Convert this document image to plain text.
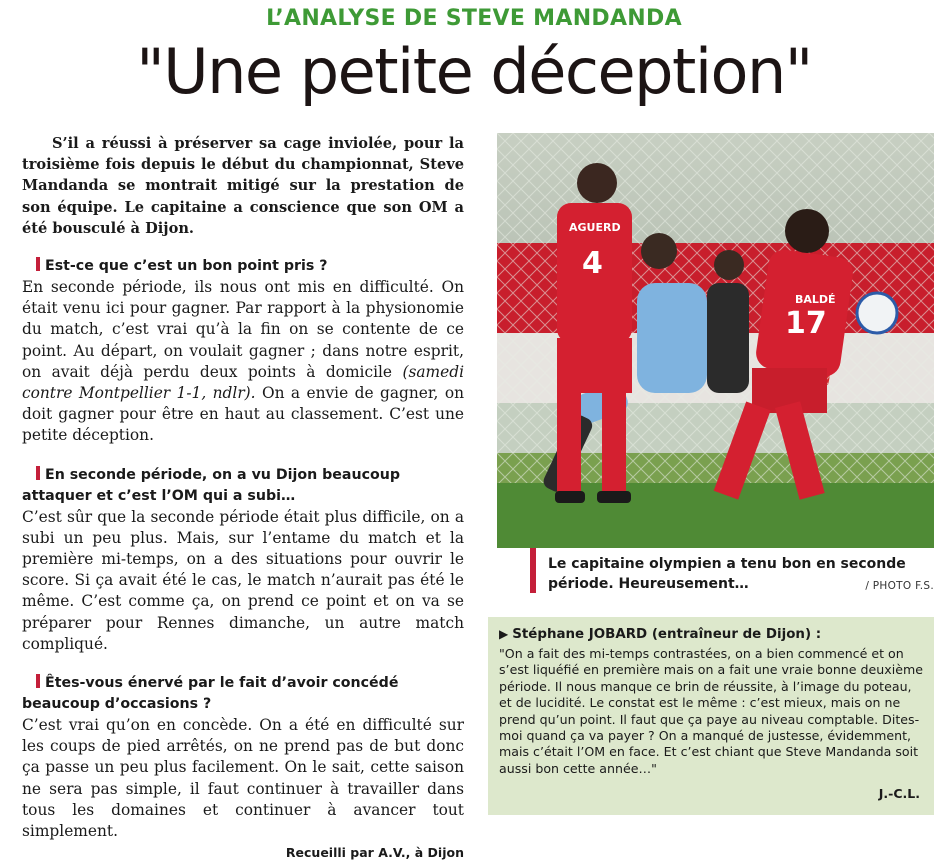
L’ANALYSE DE STEVE MANDANDA
"Une petite déception"

S’il a réussi à préserver sa cage inviolée, pour la troisième fois depuis le début du championnat, Steve Mandanda se montrait mitigé sur la prestation de son équipe. Le capitaine a conscience que son OM a été bousculé à Dijon.

Est-ce que c’est un bon point pris ?

En seconde période, ils nous ont mis en difficulté. On était venu ici pour gagner. Par rapport à la physionomie du match, c’est vrai qu’à la fin on se contente de ce point. Au départ, on voulait gagner ; dans notre esprit, on avait déjà perdu deux points à domicile (samedi contre Montpellier 1-1, ndlr). On a envie de gagner, on doit gagner pour être en haut au classement. C’est une petite déception.

En seconde période, on a vu Dijon beaucoup attaquer et c’est l’OM qui a subi…

C’est sûr que la seconde période était plus difficile, on a subi un peu plus. Mais, sur l’entame du match et la première mi-temps, on a des situations pour ouvrir le score. Si ça avait été le cas, le match n’aurait pas été le même. C’est comme ça, on prend ce point et on va se préparer pour Rennes dimanche, un autre match compliqué.

Êtes-vous énervé par le fait d’avoir concédé beaucoup d’occasions ?

C’est vrai qu’on en concède. On a été en difficulté sur les coups de pied arrêtés, on ne prend pas de but donc ça passe un peu plus facilement. On le sait, cette saison ne sera pas simple, il faut continuer à travailler dans tous les domaines et continuer à avancer tout simplement.

Recueilli par A.V., à Dijon
4
AGUERD
17
BALDÉ
Le capitaine olympien a tenu bon en seconde période. Heureusement…	/ PHOTO F.S.

▶ Stéphane JOBARD (entraîneur de Dijon) :

"On a fait des mi-temps contrastées, on a bien commencé et on s’est liquéfié en première mais on a fait une vraie bonne deuxième période. Il nous manque ce brin de réussite, à l’image du poteau, et de lucidité. Le constat est le même : c’est mieux, mais on ne prend qu’un point. Il faut que ça paye au niveau comptable. Dites-moi quand ça va payer ? On a manqué de justesse, évidemment, mais c’était l’OM en face. Et c’est chiant que Steve Mandanda soit aussi bon cette année…"

J.-C.L.
